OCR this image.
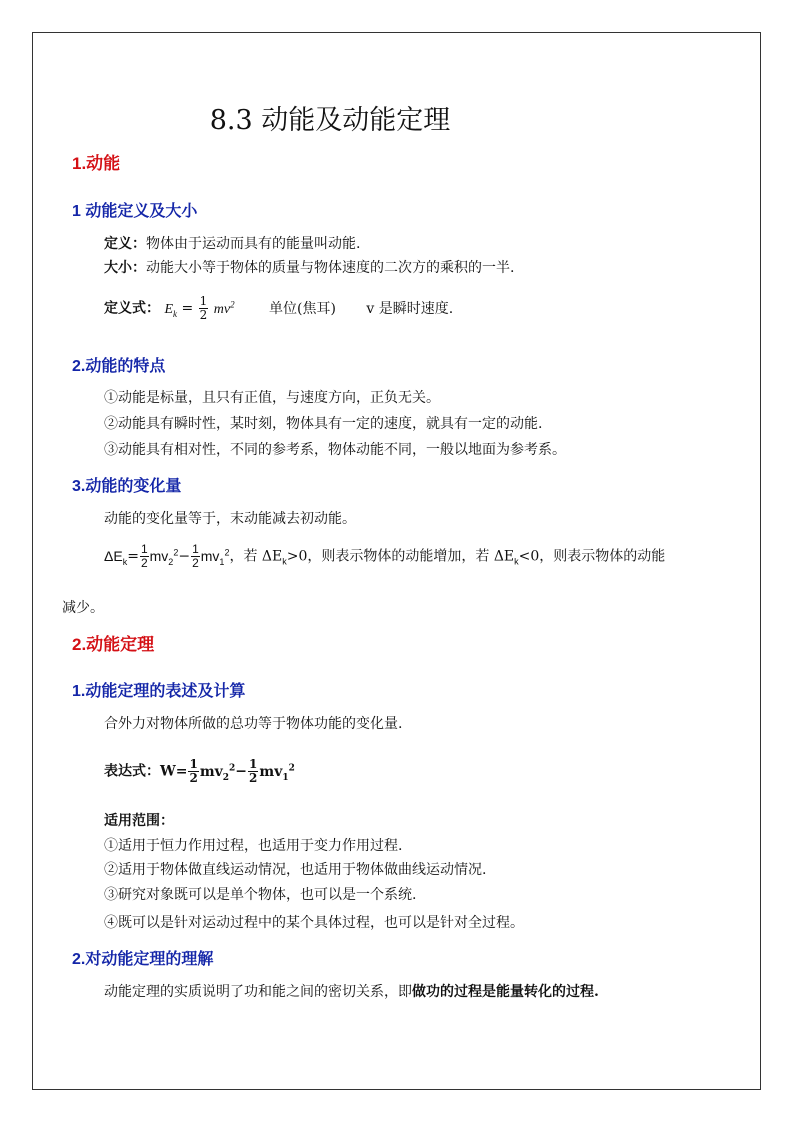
8.3 动能及动能定理
1.动能
1 动能定义及大小
定义：物体由于运动而具有的能量叫动能.
大小：动能大小等于物体的质量与物体速度的二次方的乘积的一半.
定义式： $E_k = \frac{1}{2} mv^2$ 单位(焦耳) v 是瞬时速度.
2.动能的特点
①动能是标量，且只有正值，与速度方向，正负无关。
②动能具有瞬时性，某时刻，物体具有一定的速度，就具有一定的动能.
③动能具有相对性，不同的参考系，物体动能不同，一般以地面为参考系。
3.动能的变化量
动能的变化量等于，末动能减去初动能。
$\Delta E_k= \frac{1}{2} mv_2^2- \frac{1}{2} mv_1^2$，若 $\Delta E_k>0$，则表示物体的动能增加，若 $\Delta E_k<0$，则表示物体的动能
减少。
2.动能定理
1.动能定理的表述及计算
合外力对物体所做的总功等于物体功能的变化量.
表达式：$W= \frac{1}{2} mv_2^2- \frac{1}{2} mv_1^2$
适用范围：
①适用于恒力作用过程，也适用于变力作用过程.
②适用于物体做直线运动情况，也适用于物体做曲线运动情况.
③研究对象既可以是单个物体，也可以是一个系统.
④既可以是针对运动过程中的某个具体过程，也可以是针对全过程。
2.对动能定理的理解
动能定理的实质说明了功和能之间的密切关系，即做功的过程是能量转化的过程.
